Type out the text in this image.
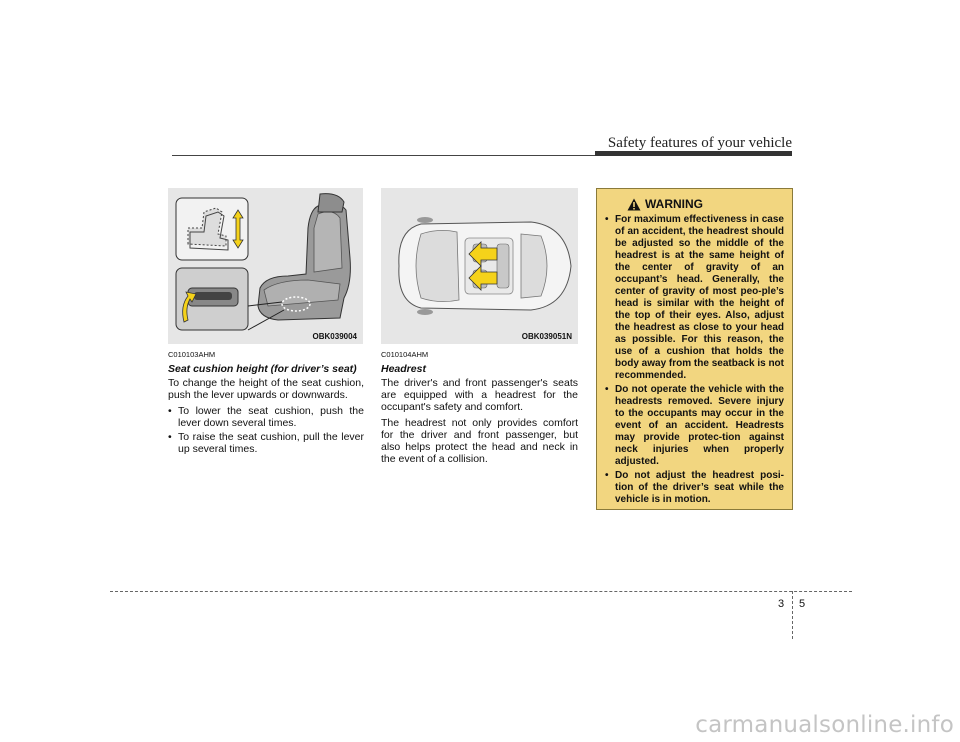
Safety features of your vehicle
OBK039004	OBK039051N
C010103AHM
Seat cushion height (for driver’s seat)
To change the height of the seat cushion, push the lever upwards or downwards.
• To lower the seat cushion, push the lever down several times.
• To raise the seat cushion, pull the lever up several times.
C010104AHM
Headrest
The driver's and front passenger's seats are equipped with a headrest for the occupant's safety and comfort.
The headrest not only provides comfort for the driver and front passenger, but also helps protect the head and neck in the event of a collision.
WARNING
• For maximum effectiveness in case of an accident, the headrest should be adjusted so the middle of the headrest is at the same height of the center of gravity of an occupant’s head. Generally, the center of gravity of most peo-ple’s head is similar with the height of the top of their eyes. Also, adjust the headrest as close to your head as possible. For this reason, the use of a cushion that holds the body away from the seatback is not recommended.
• Do not operate the vehicle with the headrests removed. Severe injury to the occupants may occur in the event of an accident. Headrests may provide protec-tion against neck injuries when properly adjusted.
• Do not adjust the headrest posi-tion of the driver’s seat while the vehicle is in motion.
3 5
carmanualsonline.info
